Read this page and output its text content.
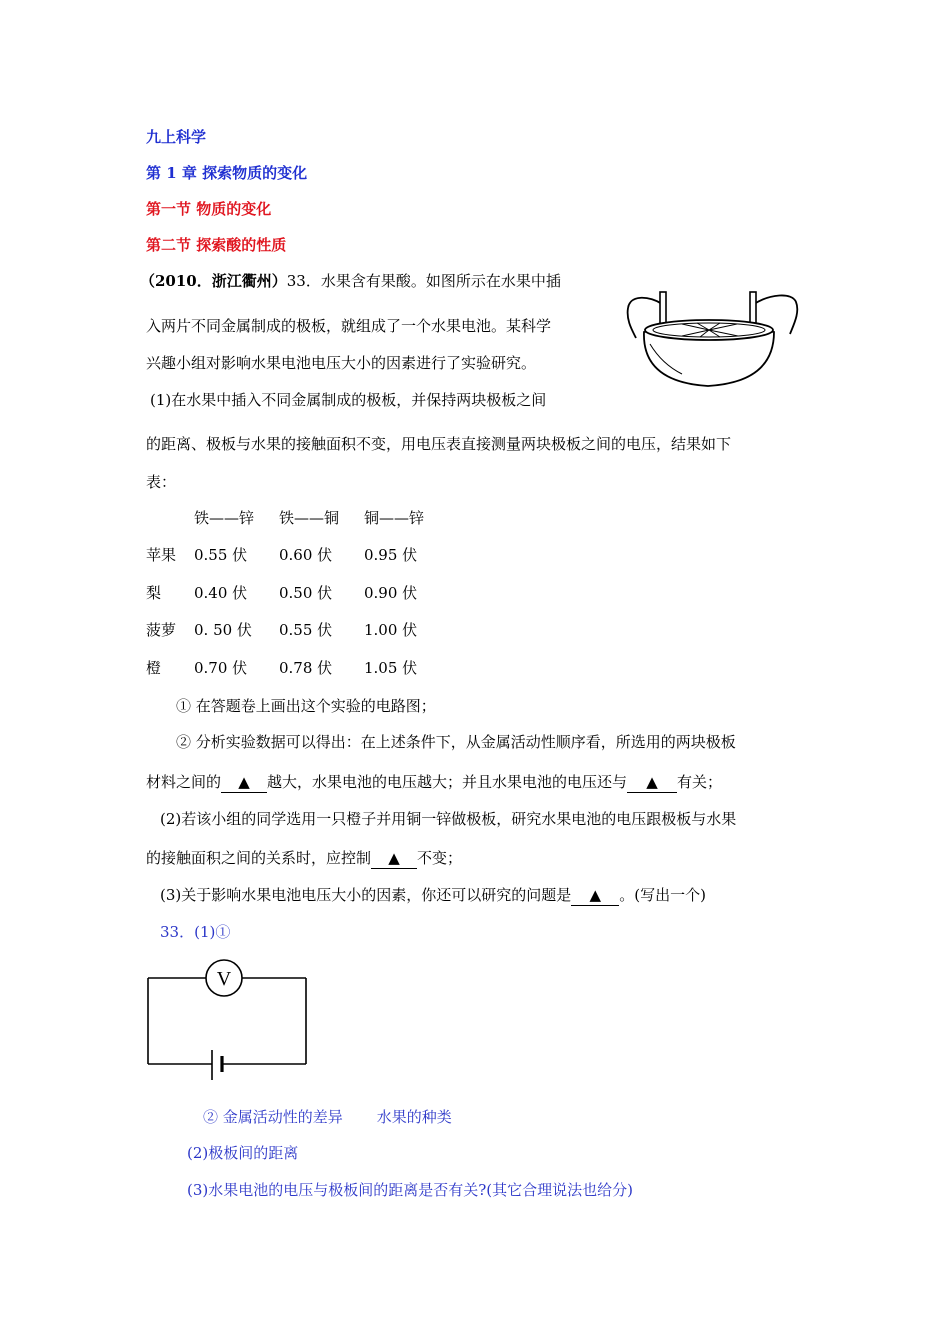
九上科学
第 1 章 探索物质的变化
第一节 物质的变化
第二节 探索酸的性质
（2010．浙江衢州）33．水果含有果酸。如图所示在水果中插
入两片不同金属制成的极板，就组成了一个水果电池。某科学
兴趣小组对影响水果电池电压大小的因素进行了实验研究。
(1)在水果中插入不同金属制成的极板，并保持两块极板之间
的距离、极板与水果的接触面积不变，用电压表直接测量两块极板之间的电压，结果如下
表：
铁——锌 铁——铜 铜——锌
苹果 0.55 伏 0.60 伏 0.95 伏
梨 0.40 伏 0.50 伏 0.90 伏
菠萝 0. 50 伏 0.55 伏 1.00 伏
橙 0.70 伏 0.78 伏 1.05 伏
① 在答题卷上画出这个实验的电路图；
② 分析实验数据可以得出：在上述条件下，从金属活动性顺序看，所选用的两块极板
材料之间的 ▲ 越大，水果电池的电压越大；并且水果电池的电压还与 ▲ 有关；
(2)若该小组的同学选用一只橙子并用铜一锌做极板，研究水果电池的电压跟极板与水果
的接触面积之间的关系时，应控制 ▲ 不变；
(3)关于影响水果电池电压大小的因素，你还可以研究的问题是 ▲ 。(写出一个)
33．(1)①
V
② 金属活动性的差异 水果的种类
(2)极板间的距离
(3)水果电池的电压与极板间的距离是否有关?(其它合理说法也给分)
